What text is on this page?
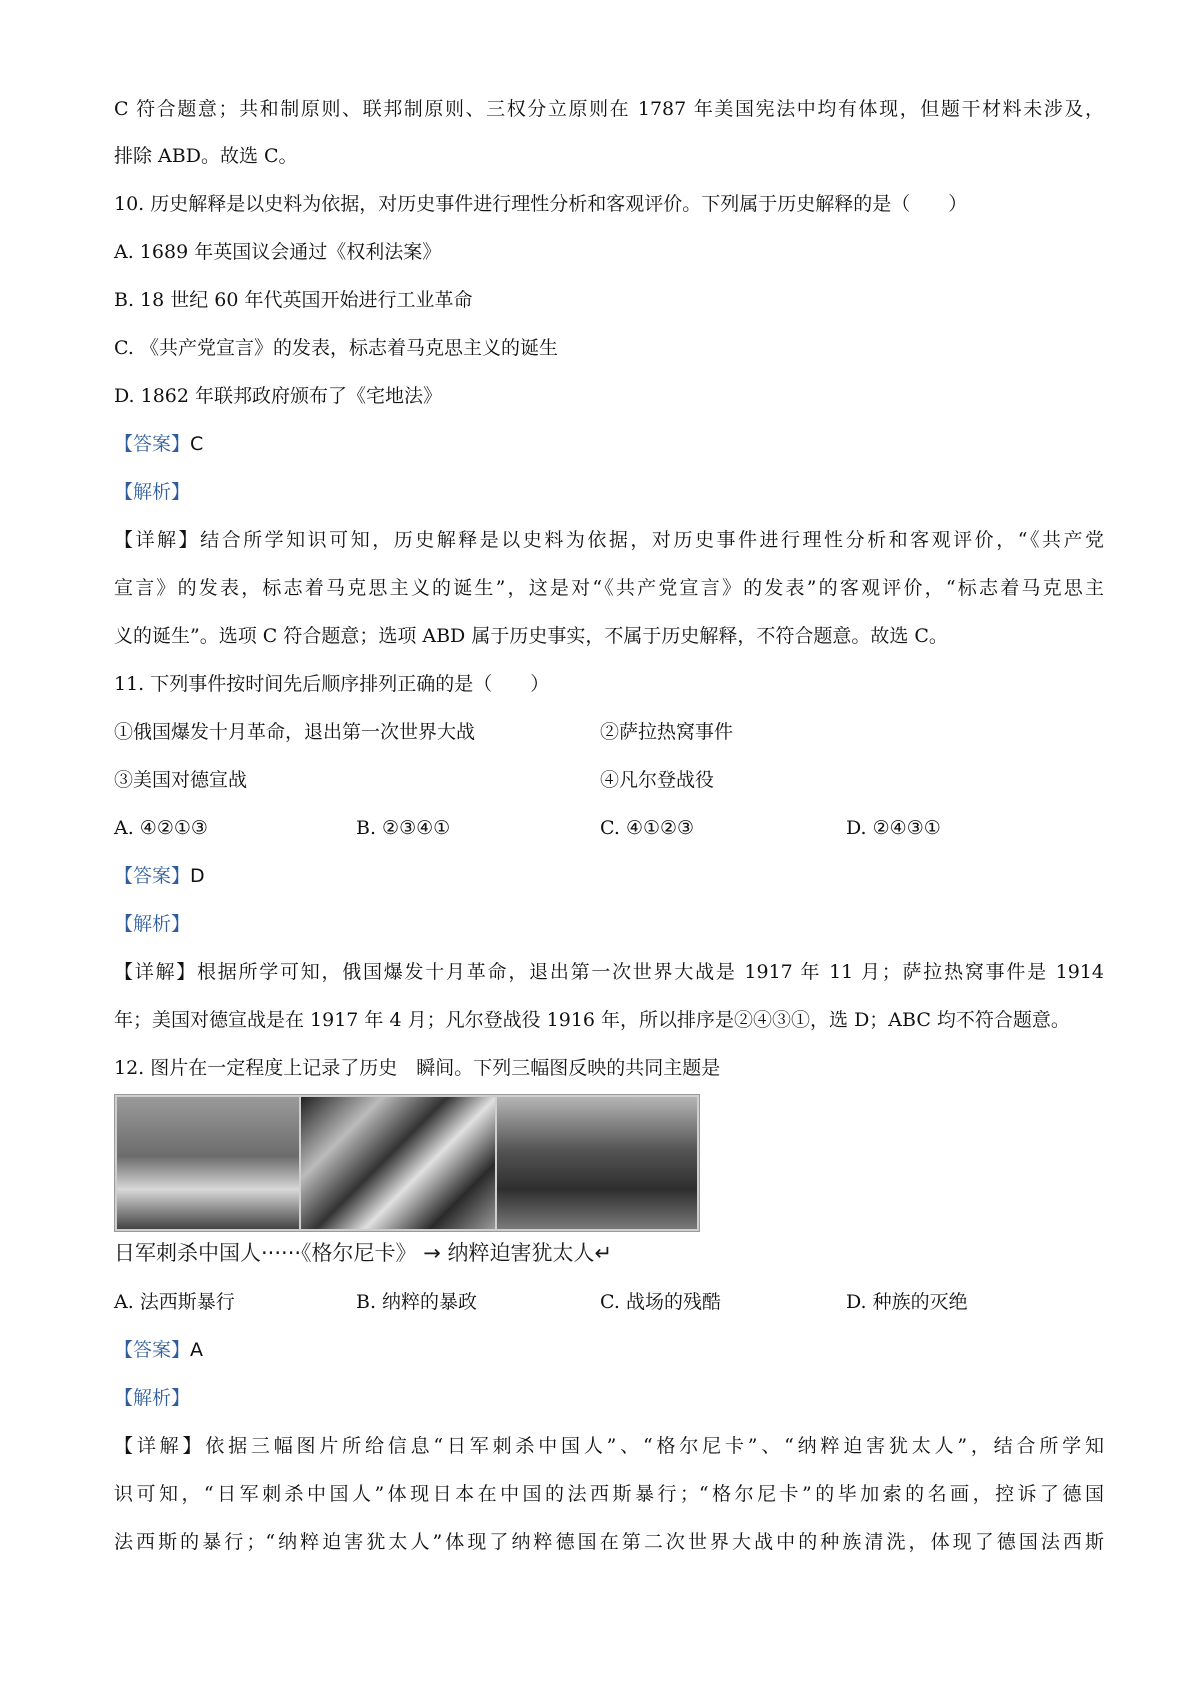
C 符合题意；共和制原则、联邦制原则、三权分立原则在 1787 年美国宪法中均有体现，但题干材料未涉及，
排除 ABD。故选 C。
10. 历史解释是以史料为依据，对历史事件进行理性分析和客观评价。下列属于历史解释的是（　　）
A. 1689 年英国议会通过《权利法案》
B. 18 世纪 60 年代英国开始进行工业革命
C. 《共产党宣言》的发表，标志着马克思主义的诞生
D. 1862 年联邦政府颁布了《宅地法》
【答案】C
【解析】
【详解】结合所学知识可知，历史解释是以史料为依据，对历史事件进行理性分析和客观评价，“《共产党
宣言》的发表，标志着马克思主义的诞生”，这是对“《共产党宣言》的发表”的客观评价，“标志着马克思主
义的诞生”。选项 C 符合题意；选项 ABD 属于历史事实，不属于历史解释，不符合题意。故选 C。
11. 下列事件按时间先后顺序排列正确的是（　　）
①俄国爆发十月革命，退出第一次世界大战	②萨拉热窝事件
③美国对德宣战	④凡尔登战役
A. ④②①③	B. ②③④①	C. ④①②③	D. ②④③①
【答案】D
【解析】
【详解】根据所学可知，俄国爆发十月革命，退出第一次世界大战是 1917 年 11 月；萨拉热窝事件是 1914
年；美国对德宣战是在 1917 年 4 月；凡尔登战役 1916 年，所以排序是②④③①，选 D；ABC 均不符合题意。
12. 图片在一定程度上记录了历史　瞬间。下列三幅图反映的共同主题是
日军刺杀中国人······《格尔尼卡》 → 纳粹迫害犹太人↵
A. 法西斯暴行	B. 纳粹的暴政	C. 战场的残酷	D. 种族的灭绝
【答案】A
【解析】
【详解】依据三幅图片所给信息“日军刺杀中国人”、“格尔尼卡”、“纳粹迫害犹太人”，结合所学知
识可知，“日军刺杀中国人”体现日本在中国的法西斯暴行；“格尔尼卡”的毕加索的名画，控诉了德国
法西斯的暴行；“纳粹迫害犹太人”体现了纳粹德国在第二次世界大战中的种族清洗，体现了德国法西斯
